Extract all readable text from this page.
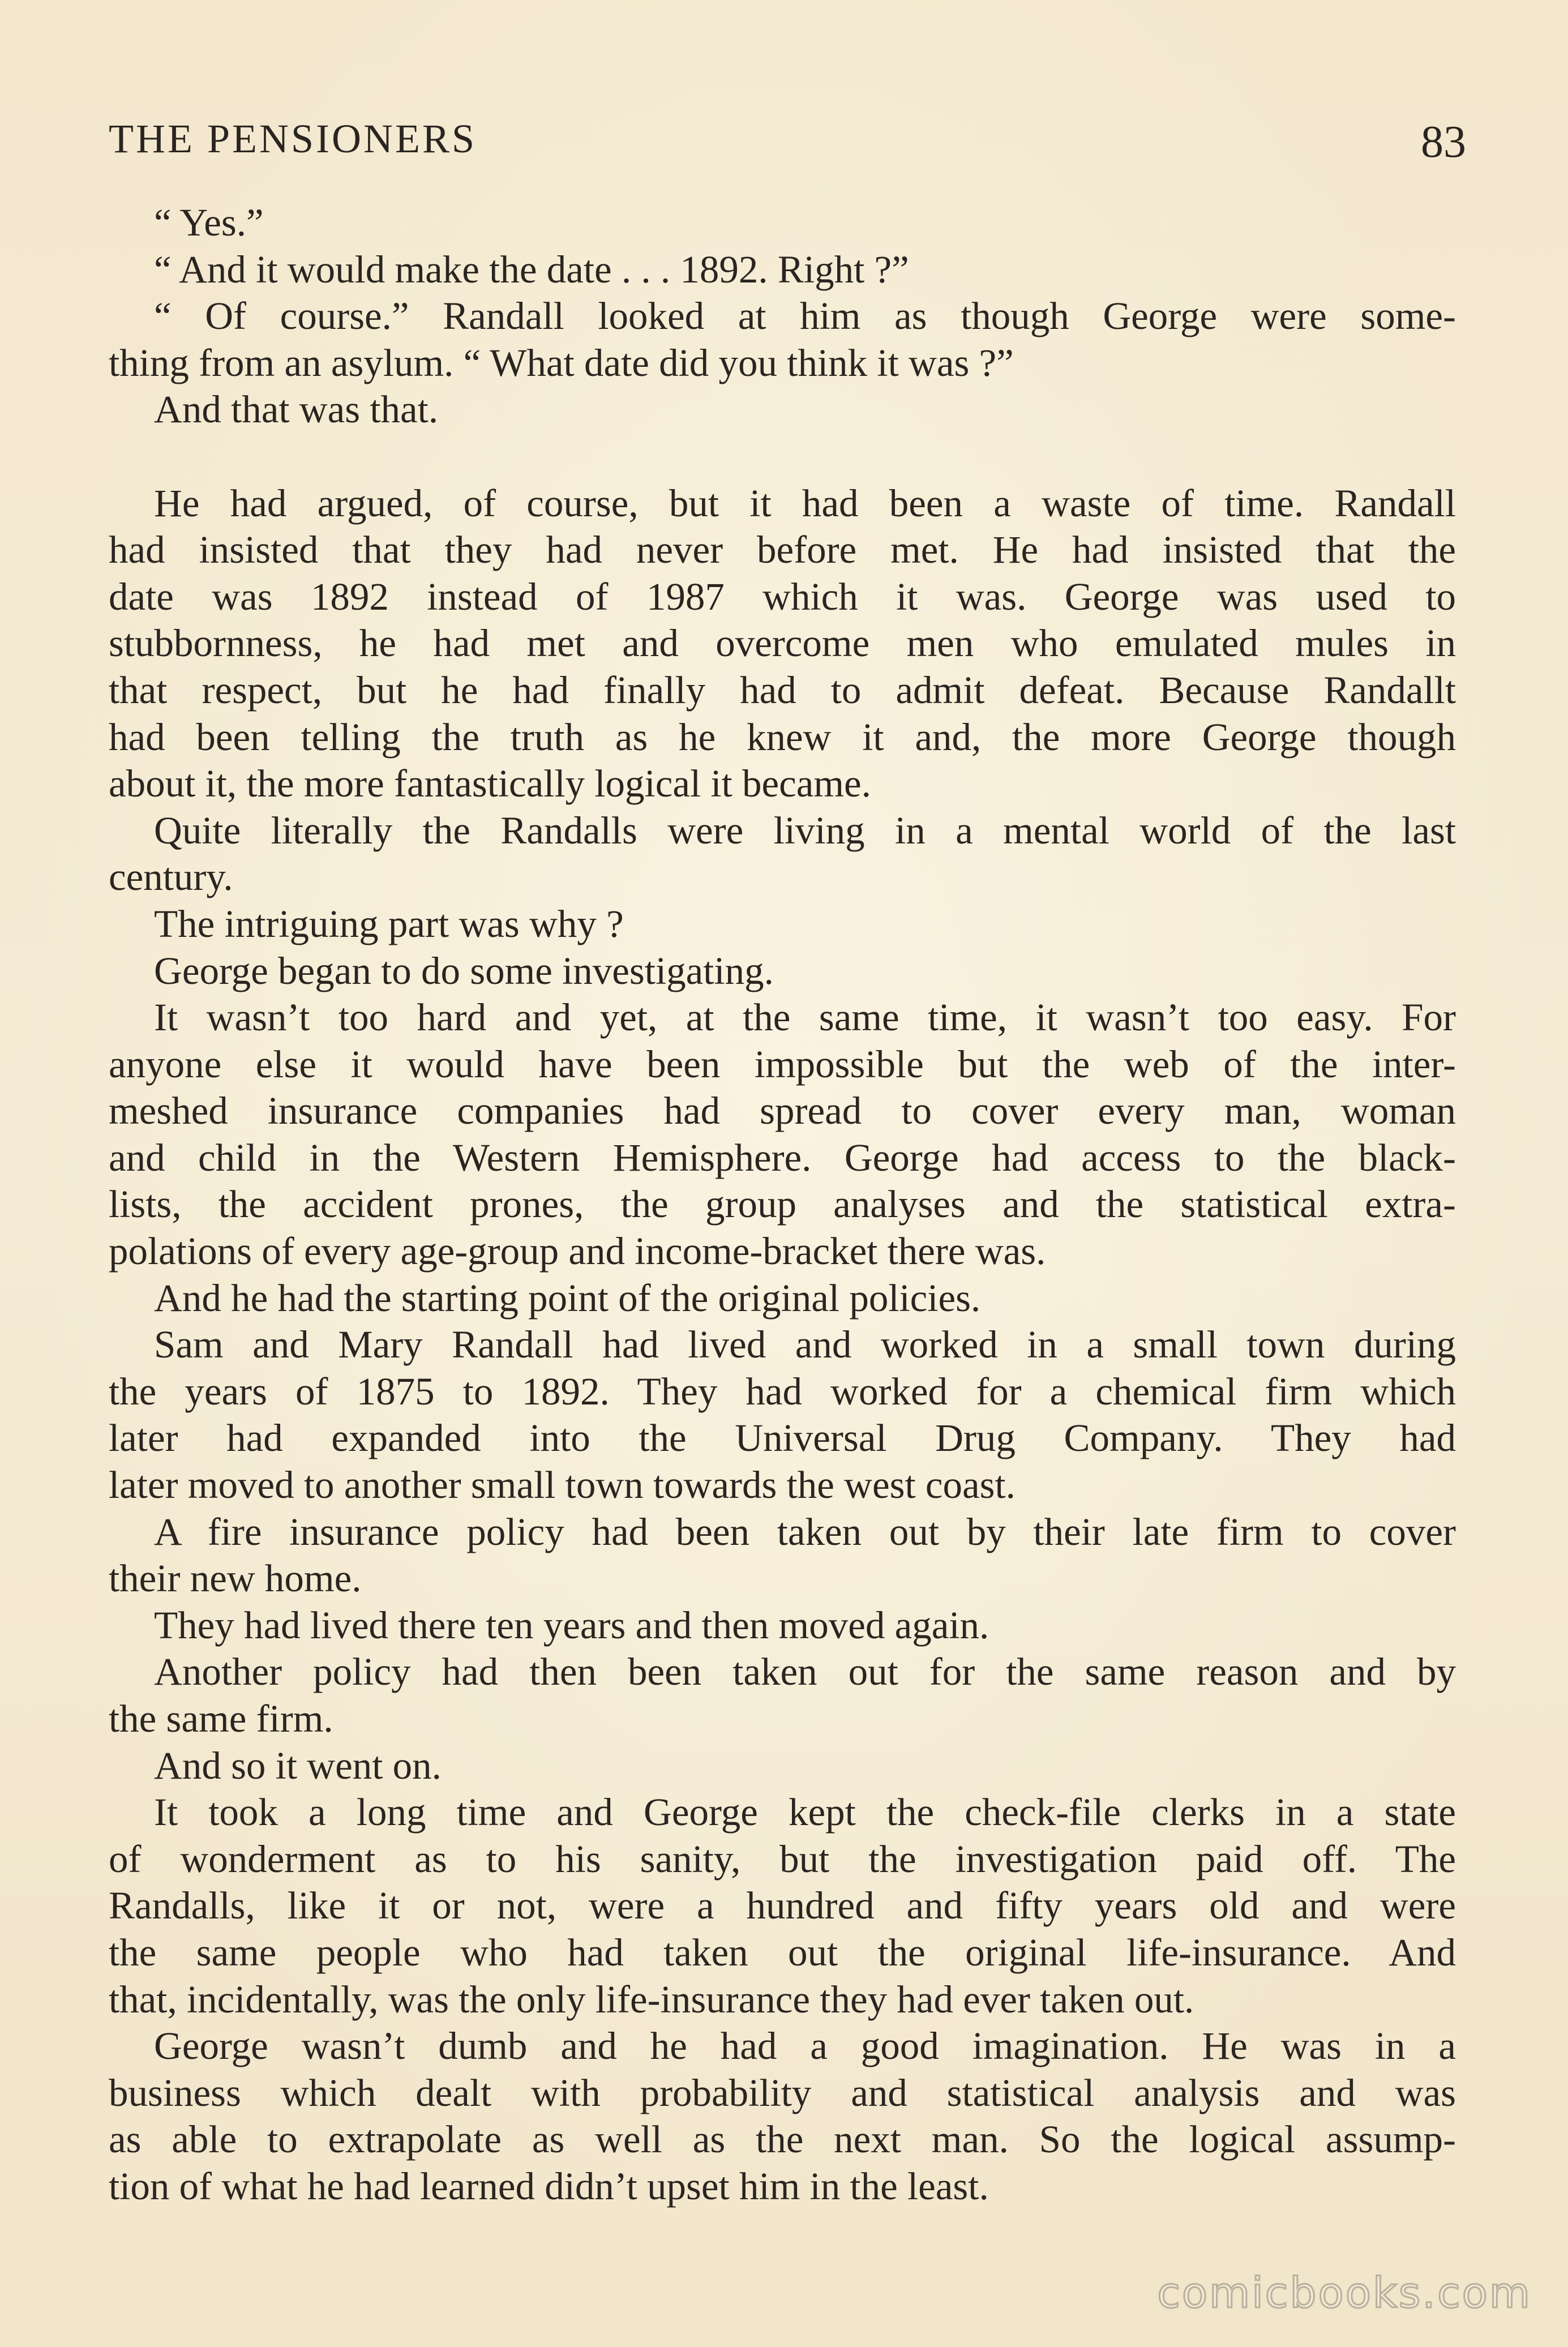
THE PENSIONERS	83
“ Yes.”
“ And it would make the date . . . 1892. Right ?”
“ Of course.” Randall looked at him as though George were some-
thing from an asylum. “ What date did you think it was ?”
And that was that.
He had argued, of course, but it had been a waste of time. Randall
had insisted that they had never before met. He had insisted that the
date was 1892 instead of 1987 which it was. George was used to
stubbornness, he had met and overcome men who emulated mules in
that respect, but he had finally had to admit defeat. Because Randallt
had been telling the truth as he knew it and, the more George though
about it, the more fantastically logical it became.
Quite literally the Randalls were living in a mental world of the last
century.
The intriguing part was why ?
George began to do some investigating.
It wasn’t too hard and yet, at the same time, it wasn’t too easy. For
anyone else it would have been impossible but the web of the inter-
meshed insurance companies had spread to cover every man, woman
and child in the Western Hemisphere. George had access to the black-
lists, the accident prones, the group analyses and the statistical extra-
polations of every age-group and income-bracket there was.
And he had the starting point of the original policies.
Sam and Mary Randall had lived and worked in a small town during
the years of 1875 to 1892. They had worked for a chemical firm which
later had expanded into the Universal Drug Company. They had
later moved to another small town towards the west coast.
A fire insurance policy had been taken out by their late firm to cover
their new home.
They had lived there ten years and then moved again.
Another policy had then been taken out for the same reason and by
the same firm.
And so it went on.
It took a long time and George kept the check-file clerks in a state
of wonderment as to his sanity, but the investigation paid off. The
Randalls, like it or not, were a hundred and fifty years old and were
the same people who had taken out the original life-insurance. And
that, incidentally, was the only life-insurance they had ever taken out.
George wasn’t dumb and he had a good imagination. He was in a
business which dealt with probability and statistical analysis and was
as able to extrapolate as well as the next man. So the logical assump-
tion of what he had learned didn’t upset him in the least.
comicbooks.com
